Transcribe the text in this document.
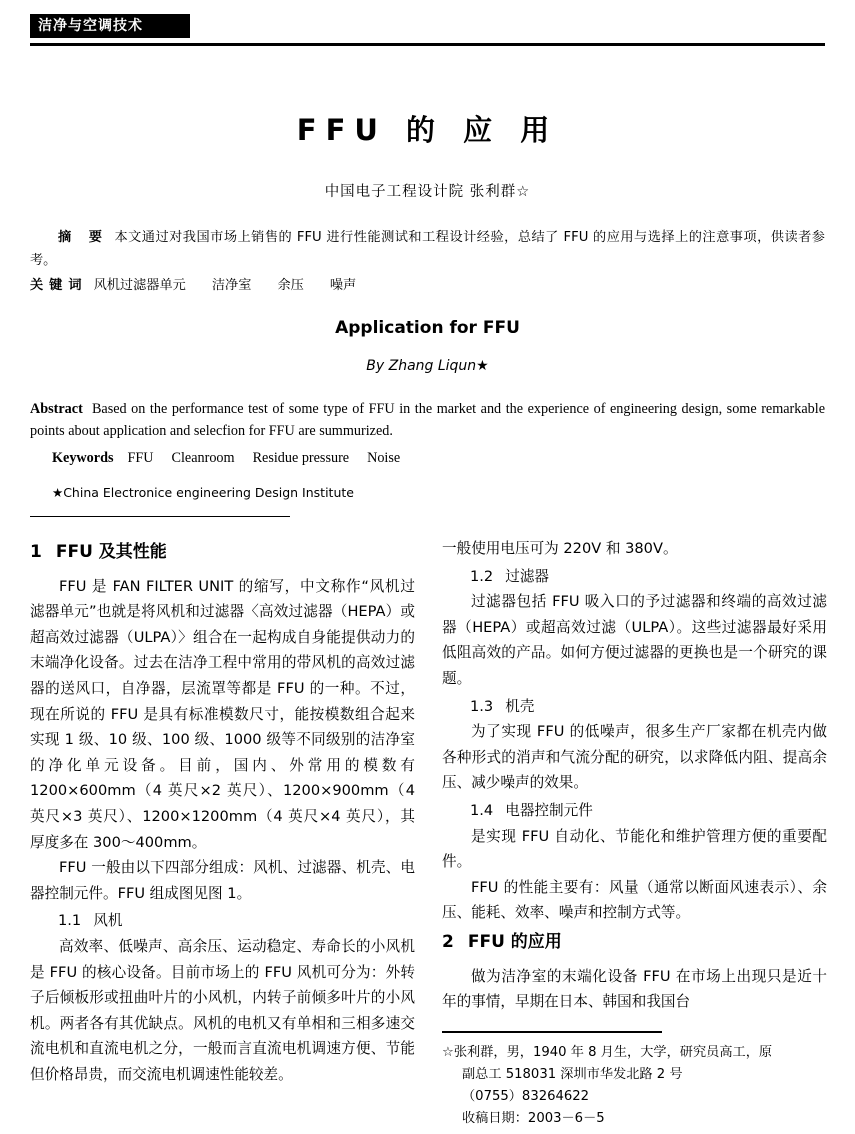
洁净与空调技术
FFU 的 应 用
中国电子工程设计院 张利群☆
摘 要 本文通过对我国市场上销售的 FFU 进行性能测试和工程设计经验，总结了 FFU 的应用与选择上的注意事项，供读者参考。
关键词 风机过滤器单元 洁净室 余压 噪声
Application for FFU
By Zhang Liqun★
Abstract Based on the performance test of some type of FFU in the market and the experience of engineering design, some remarkable points about application and selecfion for FFU are summurized.
Keywords FFU Cleanroom Residue pressure Noise
★China Electronice engineering Design Institute
1 FFU 及其性能

FFU 是 FAN FILTER UNIT 的缩写，中文称作“风机过滤器单元”也就是将风机和过滤器〈高效过滤器（HEPA）或超高效过滤器（ULPA）〉组合在一起构成自身能提供动力的末端净化设备。过去在洁净工程中常用的带风机的高效过滤器的送风口，自净器，层流罩等都是 FFU 的一种。不过，现在所说的 FFU 是具有标准模数尺寸，能按模数组合起来实现 1 级、10 级、100 级、1000 级等不同级别的洁净室的净化单元设备。目前，国内、外常用的模数有 1200×600mm（4 英尺×2 英尺）、1200×900mm（4 英尺×3 英尺）、1200×1200mm（4 英尺×4 英尺），其厚度多在 300～400mm。

FFU 一般由以下四部分组成：风机、过滤器、机壳、电器控制元件。FFU 组成图见图 1。

1.1 风机

高效率、低噪声、高余压、运动稳定、寿命长的小风机是 FFU 的核心设备。目前市场上的 FFU 风机可分为：外转子后倾板形或扭曲叶片的小风机，内转子前倾多叶片的小风机。两者各有其优缺点。风机的电机又有单相和三相多速交流电机和直流电机之分，一般而言直流电机调速方便、节能但价格昂贵，而交流电机调速性能较差。

一般使用电压可为 220V 和 380V。

1.2 过滤器

过滤器包括 FFU 吸入口的予过滤器和终端的高效过滤器（HEPA）或超高效过滤（ULPA）。这些过滤器最好采用低阻高效的产品。如何方便过滤器的更换也是一个研究的课题。

1.3 机壳

为了实现 FFU 的低噪声，很多生产厂家都在机壳内做各种形式的消声和气流分配的研究，以求降低内阻、提高余压、减少噪声的效果。

1.4 电器控制元件

是实现 FFU 自动化、节能化和维护管理方便的重要配件。

FFU 的性能主要有：风量（通常以断面风速表示）、余压、能耗、效率、噪声和控制方式等。

2 FFU 的应用

做为洁净室的末端化设备 FFU 在市场上出现只是近十年的事情，早期在日本、韩国和我国台

☆张利群，男，1940 年 8 月生，大学，研究员高工，原

副总工 518031 深圳市华发北路 2 号

（0755）83264622

收稿日期：2003－6－5
